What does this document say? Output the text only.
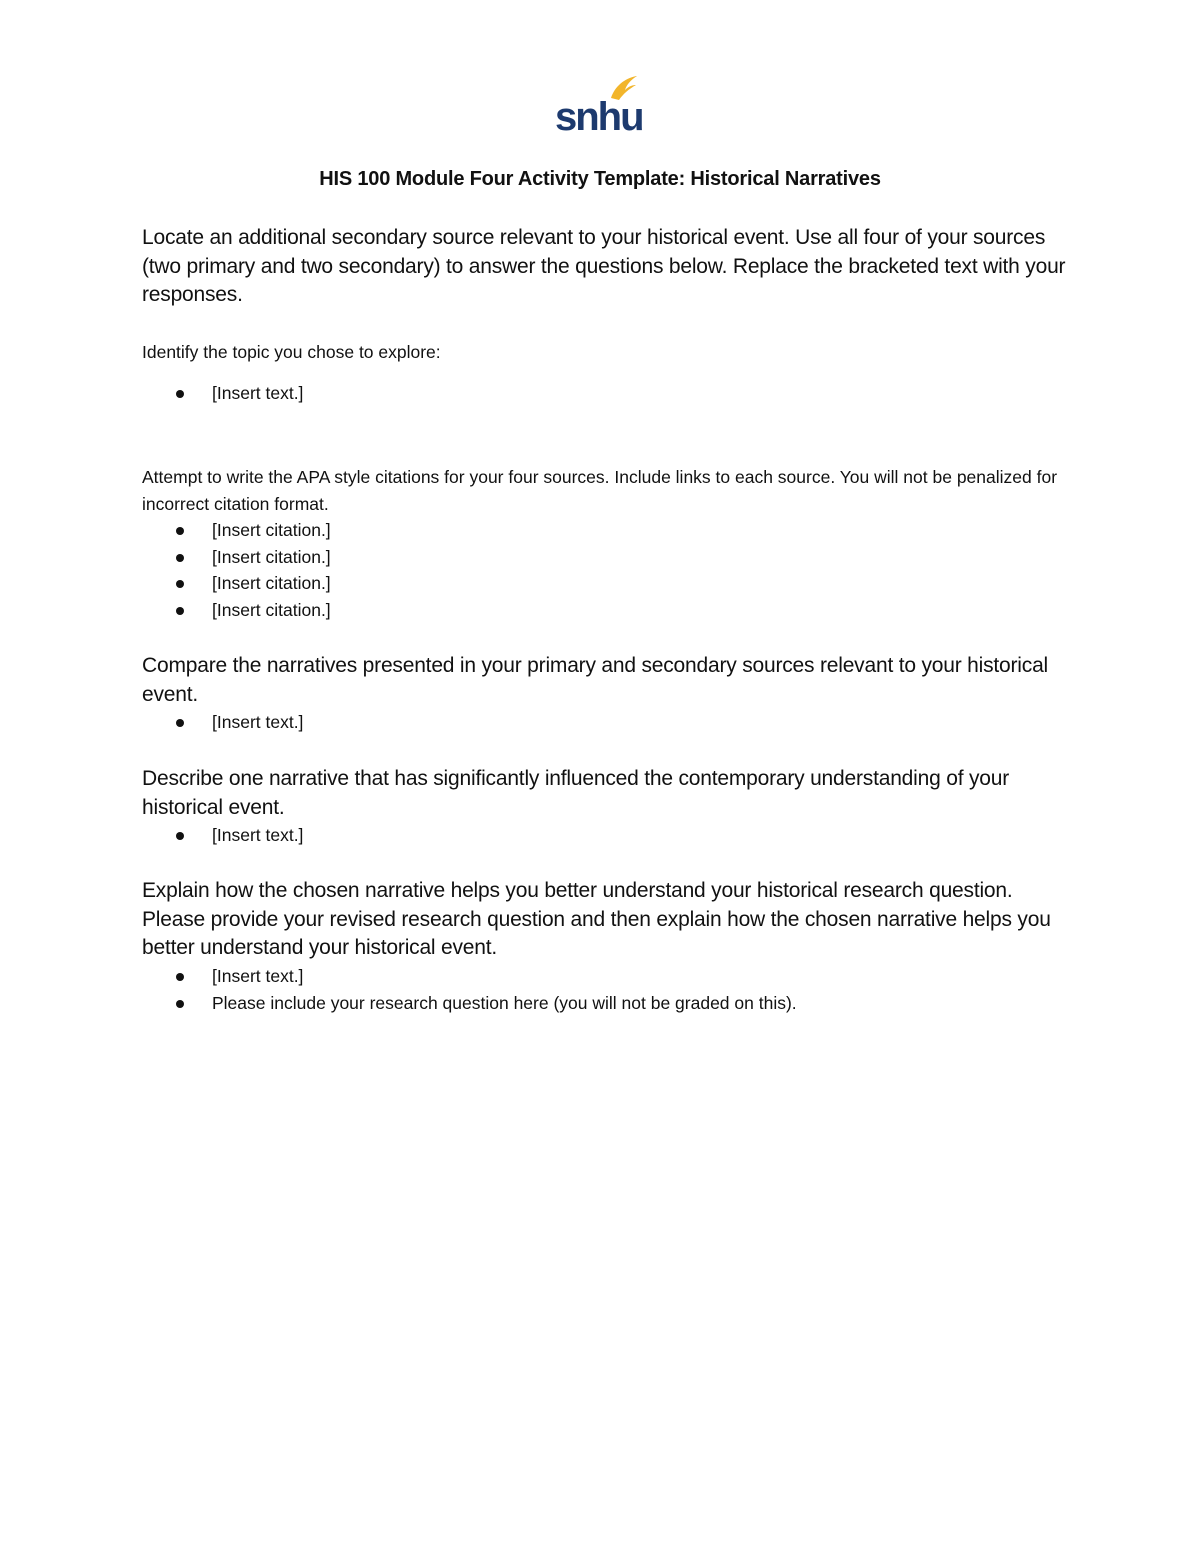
snhu
HIS 100 Module Four Activity Template: Historical Narratives
Locate an additional secondary source relevant to your historical event. Use all four of your sources (two primary and two secondary) to answer the questions below. Replace the bracketed text with your responses.
Identify the topic you chose to explore:
[Insert text.]
Attempt to write the APA style citations for your four sources. Include links to each source. You will not be penalized for incorrect citation format.
[Insert citation.]
[Insert citation.]
[Insert citation.]
[Insert citation.]
Compare the narratives presented in your primary and secondary sources relevant to your historical event.
[Insert text.]
Describe one narrative that has significantly influenced the contemporary understanding of your historical event.
[Insert text.]
Explain how the chosen narrative helps you better understand your historical research question. Please provide your revised research question and then explain how the chosen narrative helps you better understand your historical event.
[Insert text.]
Please include your research question here (you will not be graded on this).
